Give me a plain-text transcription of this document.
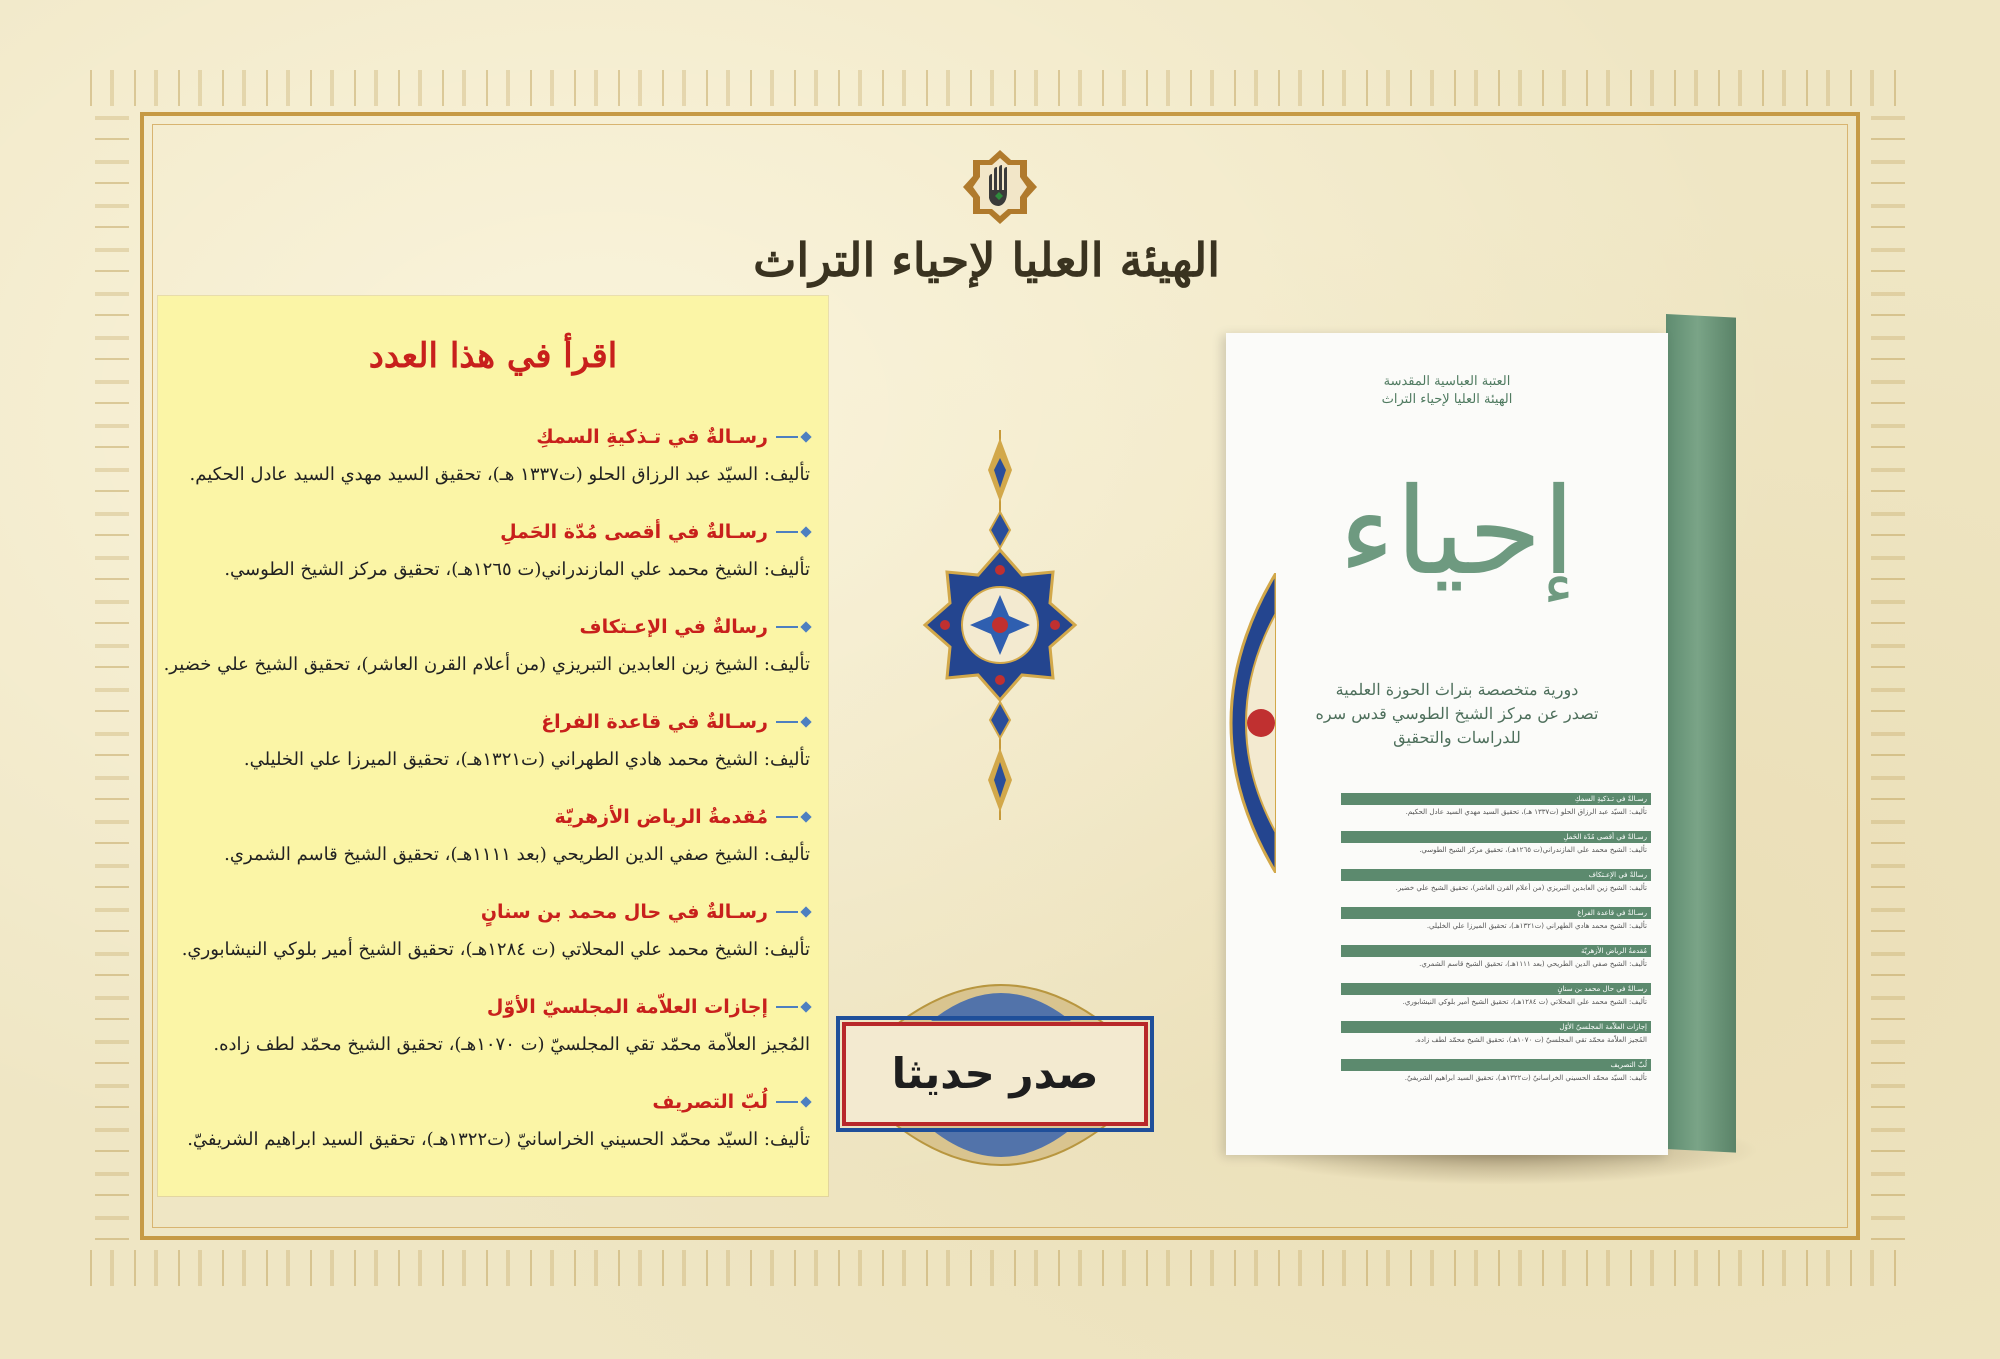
الهيئة العليا لإحياء التراث
اقرأ في هذا العدد
رسـالةٌ في تـذكيةِ السمكِ
تأليف: السيّد عبد الرزاق الحلو (ت١٣٣٧ هـ)، تحقيق السيد مهدي السيد عادل الحكيم.
رسـالةٌ في أقصى مُدّة الحَملِ
تأليف: الشيخ محمد علي المازندراني(ت ١٢٦٥هـ)، تحقيق مركز الشيخ الطوسي.
رسالةٌ في الإعـتكاف
تأليف: الشيخ زين العابدين التبريزي (من أعلام القرن العاشر)، تحقيق الشيخ علي خضير.
رسـالةٌ في قاعدة الفراغ
تأليف: الشيخ محمد هادي الطهراني (ت١٣٢١هـ)، تحقيق الميرزا علي الخليلي.
مُقدمةُ الرياض الأزهريّة
تأليف: الشيخ صفي الدين الطريحي (بعد ١١١١هـ)، تحقيق الشيخ قاسم الشمري.
رسـالةٌ في حال محمد بن سنانٍ
تأليف: الشيخ محمد علي المحلاتي (ت ١٢٨٤هـ)، تحقيق الشيخ أمير بلوكي النيشابوري.
إجازات العلاّمة المجلسيّ الأوّل
المُجيز العلاّمة محمّد تقي المجلسيّ (ت ١٠٧٠هـ)، تحقيق الشيخ محمّد لطف زاده.
لُبّ التصريف
تأليف: السيّد محمّد الحسيني الخراسانيّ (ت١٣٢٢هـ)، تحقيق السيد ابراهيم الشريفيّ.
صدر حديثا
العتبة العباسية المقدسة
الهيئة العليا لإحياء التراث
إحياء
دورية متخصصة بتراث الحوزة العلمية
تصدر عن مركز الشيخ الطوسي قدس سره
للدراسات والتحقيق
رسـالةٌ في تـذكيةِ السمكِ
تأليف: السيّد عبد الرزاق الحلو (ت١٣٣٧ هـ)، تحقيق السيد مهدي السيد عادل الحكيم.
رسـالةٌ في أقصى مُدّة الحَملِ
تأليف: الشيخ محمد علي المازندراني(ت ١٢٦٥هـ)، تحقيق مركز الشيخ الطوسي.
رسالةٌ في الإعـتكاف
تأليف: الشيخ زين العابدين التبريزي (من أعلام القرن العاشر)، تحقيق الشيخ علي خضير.
رسـالةٌ في قاعدة الفراغ
تأليف: الشيخ محمد هادي الطهراني (ت١٣٢١هـ)، تحقيق الميرزا علي الخليلي.
مُقدمةُ الرياض الأزهريّة
تأليف: الشيخ صفي الدين الطريحي (بعد ١١١١هـ)، تحقيق الشيخ قاسم الشمري.
رسـالةٌ في حال محمد بن سنانٍ
تأليف: الشيخ محمد علي المحلاتي (ت ١٢٨٤هـ)، تحقيق الشيخ أمير بلوكي النيشابوري.
إجازات العلاّمة المجلسيّ الأوّل
المُجيز العلاّمة محمّد تقي المجلسيّ (ت ١٠٧٠هـ)، تحقيق الشيخ محمّد لطف زاده.
لُبّ التصريف
تأليف: السيّد محمّد الحسيني الخراسانيّ (ت١٣٢٢هـ)، تحقيق السيد ابراهيم الشريفيّ.
